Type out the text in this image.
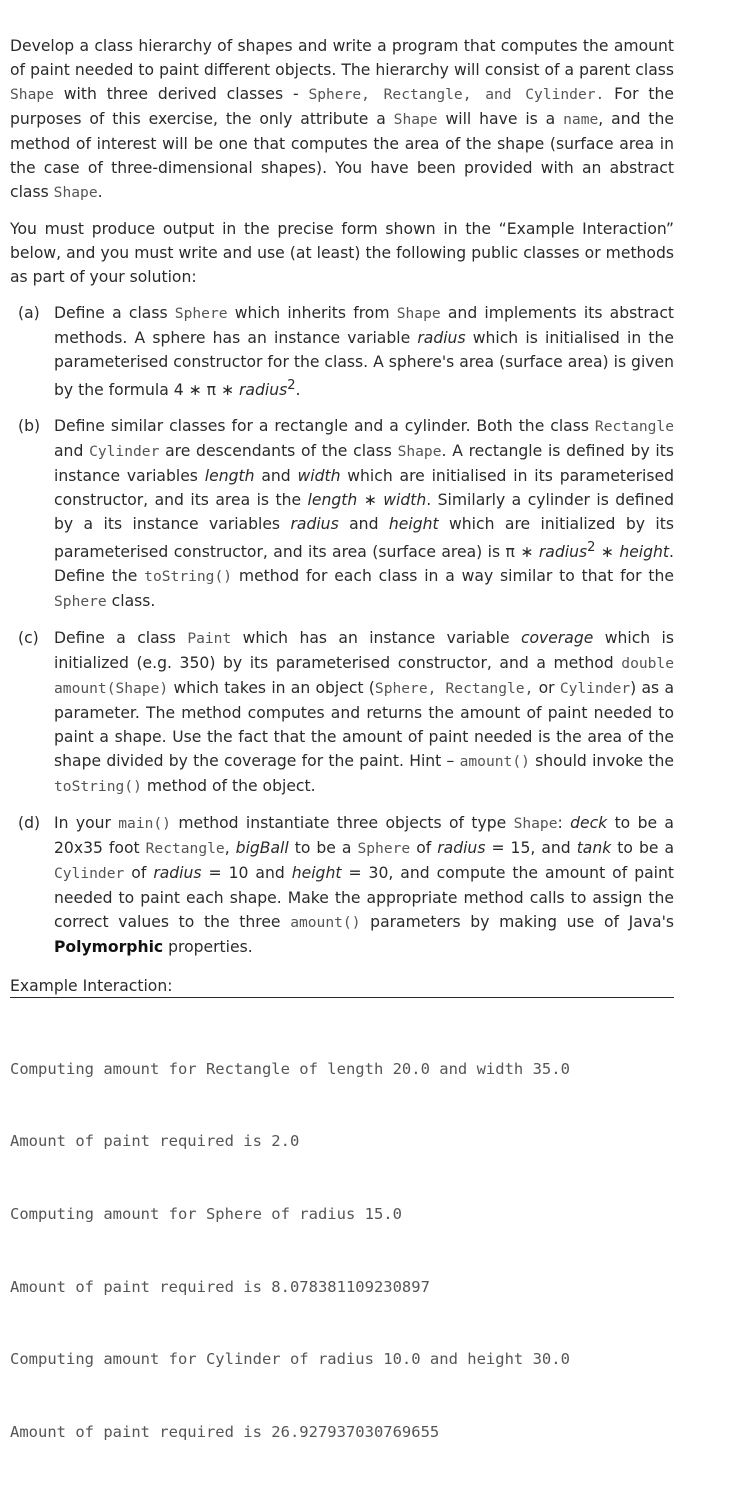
Develop a class hierarchy of shapes and write a program that computes the amount of paint needed to paint different objects. The hierarchy will consist of a parent class Shape with three derived classes - Sphere, Rectangle, and Cylinder. For the purposes of this exercise, the only attribute a Shape will have is a name, and the method of interest will be one that computes the area of the shape (surface area in the case of three-dimensional shapes). You have been provided with an abstract class Shape.

You must produce output in the precise form shown in the “Example Interaction” below, and you must write and use (at least) the following public classes or methods as part of your solution:

(a) Define a class Sphere which inherits from Shape and implements its abstract methods. A sphere has an instance variable radius which is initialised in the parameterised constructor for the class. A sphere's area (surface area) is given by the formula 4 ∗ π ∗ radius$^2$.
(b) Define similar classes for a rectangle and a cylinder. Both the class Rectangle and Cylinder are descendants of the class Shape. A rectangle is defined by its instance variables length and width which are initialised in its parameterised constructor, and its area is the length ∗ width. Similarly a cylinder is defined by a its instance variables radius and height which are initialized by its parameterised constructor, and its area (surface area) is π ∗ radius$^2$ ∗ height. Define the toString() method for each class in a way similar to that for the Sphere class.
(c) Define a class Paint which has an instance variable coverage which is initialized (e.g. 350) by its parameterised constructor, and a method double amount(Shape) which takes in an object (Sphere, Rectangle, or Cylinder) as a parameter. The method computes and returns the amount of paint needed to paint a shape. Use the fact that the amount of paint needed is the area of the shape divided by the coverage for the paint. Hint – amount() should invoke the toString() method of the object.
(d) In your main() method instantiate three objects of type Shape: deck to be a 20x35 foot Rectangle, bigBall to be a Sphere of radius = 15, and tank to be a Cylinder of radius = 10 and height = 30, and compute the amount of paint needed to paint each shape. Make the appropriate method calls to assign the correct values to the three amount() parameters by making use of Java's Polymorphic properties.
Example Interaction:

Computing amount for Rectangle of length 20.0 and width 35.0

Amount of paint required is 2.0

Computing amount for Sphere of radius 15.0

Amount of paint required is 8.078381109230897

Computing amount for Cylinder of radius 10.0 and height 30.0

Amount of paint required is 26.927937030769655
